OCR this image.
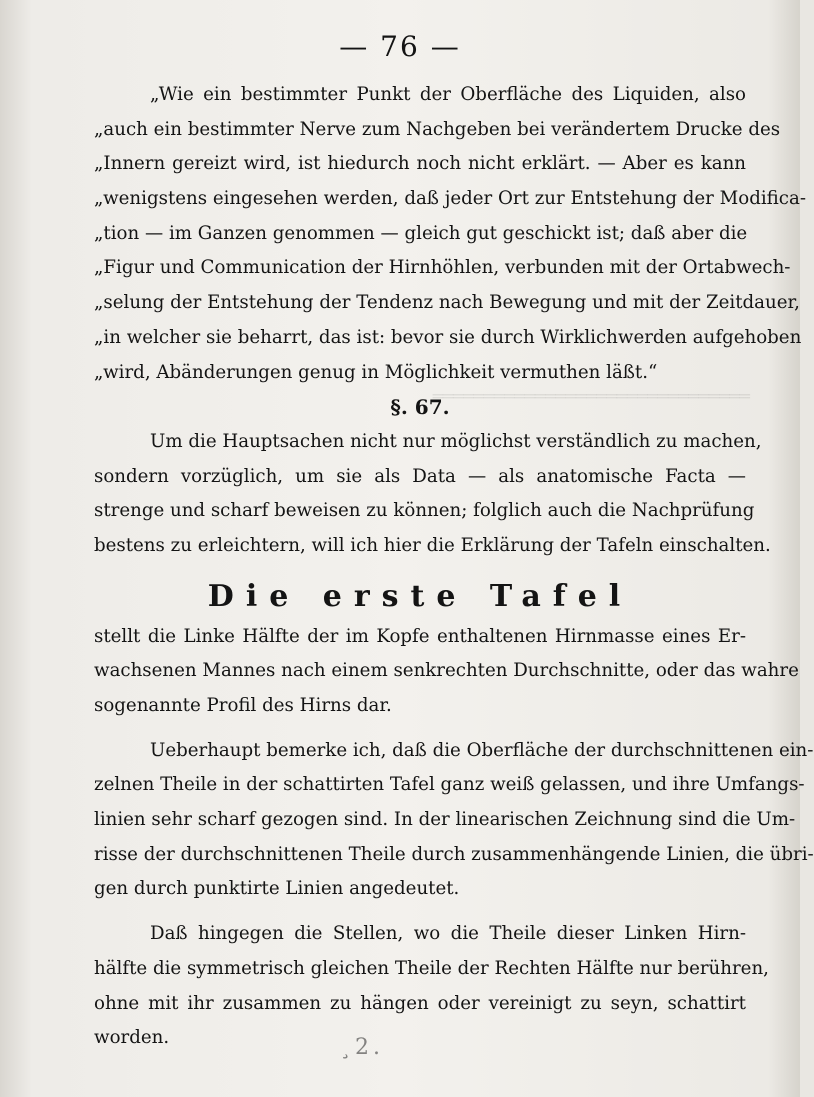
═══════════════════════════════
— 76 —
„Wie ein bestimmter Punkt der Oberfläche des Liquiden, also
„auch ein bestimmter Nerve zum Nachgeben bei verändertem Drucke des
„Innern gereizt wird, ist hiedurch noch nicht erklärt. — Aber es kann
„wenigstens eingesehen werden, daß jeder Ort zur Entstehung der Modifica-
„tion — im Ganzen genommen — gleich gut geschickt ist; daß aber die
„Figur und Communication der Hirnhöhlen, verbunden mit der Ortabwech-
„selung der Entstehung der Tendenz nach Bewegung und mit der Zeitdauer,
„in welcher sie beharrt, das ist: bevor sie durch Wirklichwerden aufgehoben
„wird, Abänderungen genug in Möglichkeit vermuthen läßt.“
§. 67.
Um die Hauptsachen nicht nur möglichst verständlich zu machen,
sondern vorzüglich, um sie als Data — als anatomische Facta —
strenge und scharf beweisen zu können; folglich auch die Nachprüfung
bestens zu erleichtern, will ich hier die Erklärung der Tafeln einschalten.
Die erste Tafel
stellt die Linke Hälfte der im Kopfe enthaltenen Hirnmasse eines Er-
wachsenen Mannes nach einem senkrechten Durchschnitte, oder das wahre
sogenannte Profil des Hirns dar.
Ueberhaupt bemerke ich, daß die Oberfläche der durchschnittenen ein-
zelnen Theile in der schattirten Tafel ganz weiß gelassen, und ihre Umfangs-
linien sehr scharf gezogen sind. In der linearischen Zeichnung sind die Um-
risse der durchschnittenen Theile durch zusammenhängende Linien, die übri-
gen durch punktirte Linien angedeutet.
Daß hingegen die Stellen, wo die Theile dieser Linken Hirn-
hälfte die symmetrisch gleichen Theile der Rechten Hälfte nur berühren,
ohne mit ihr zusammen zu hängen oder vereinigt zu seyn, schattirt
worden.	¸2.
